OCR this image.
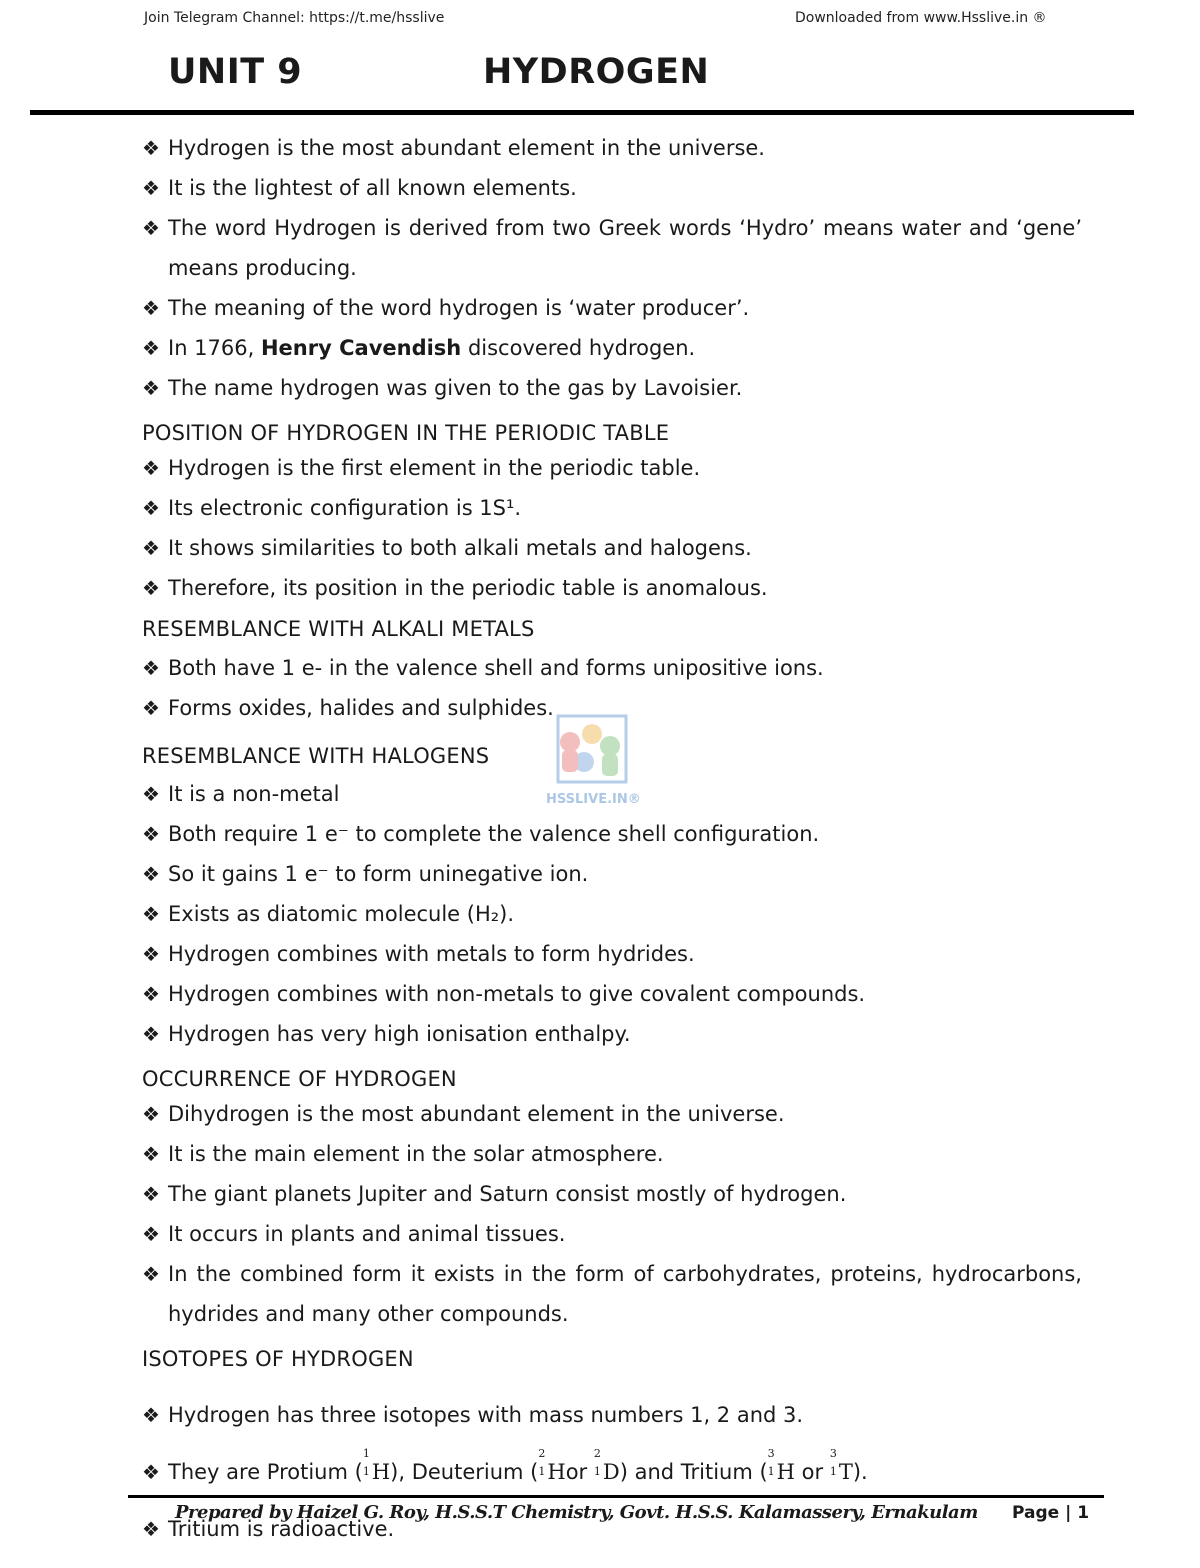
Join Telegram Channel: https://t.me/hsslive	Downloaded from www.Hsslive.in ®
UNIT 9	HYDROGEN

❖ Hydrogen is the most abundant element in the universe.

❖ It is the lightest of all known elements.

❖ The word Hydrogen is derived from two Greek words ‘Hydro’ means water and ‘gene’ means producing.

❖ The meaning of the word hydrogen is ‘water producer’.

❖ In 1766, Henry Cavendish discovered hydrogen.

❖ The name hydrogen was given to the gas by Lavoisier.

POSITION OF HYDROGEN IN THE PERIODIC TABLE

❖ Hydrogen is the first element in the periodic table.

❖ Its electronic configuration is 1S¹.

❖ It shows similarities to both alkali metals and halogens.

❖ Therefore, its position in the periodic table is anomalous.

RESEMBLANCE WITH ALKALI METALS

❖ Both have 1 e- in the valence shell and forms unipositive ions.

❖ Forms oxides, halides and sulphides.

RESEMBLANCE WITH HALOGENS

❖ It is a non-metal

❖ Both require 1 e⁻ to complete the valence shell configuration.

❖ So it gains 1 e⁻ to form uninegative ion.

❖ Exists as diatomic molecule (H₂).

❖ Hydrogen combines with metals to form hydrides.

❖ Hydrogen combines with non-metals to give covalent compounds.

❖ Hydrogen has very high ionisation enthalpy.

OCCURRENCE OF HYDROGEN

❖ Dihydrogen is the most abundant element in the universe.

❖ It is the main element in the solar atmosphere.

❖ The giant planets Jupiter and Saturn consist mostly of hydrogen.

❖ It occurs in plants and animal tissues.

❖ In the combined form it exists in the form of carbohydrates, proteins, hydrocarbons, hydrides and many other compounds.

ISOTOPES OF HYDROGEN

❖ Hydrogen has three isotopes with mass numbers 1, 2 and 3.

❖ They are Protium (
1
1 H), Deuterium (
2
1 Hor
2
1 D) and Tritium (
3
1 H or
3
1 T).

❖ Tritium is radioactive.

HSSLIVE.IN®
Prepared by Haizel G. Roy, H.S.S.T Chemistry, Govt. H.S.S. Kalamassery, Ernakulam Page | 1
